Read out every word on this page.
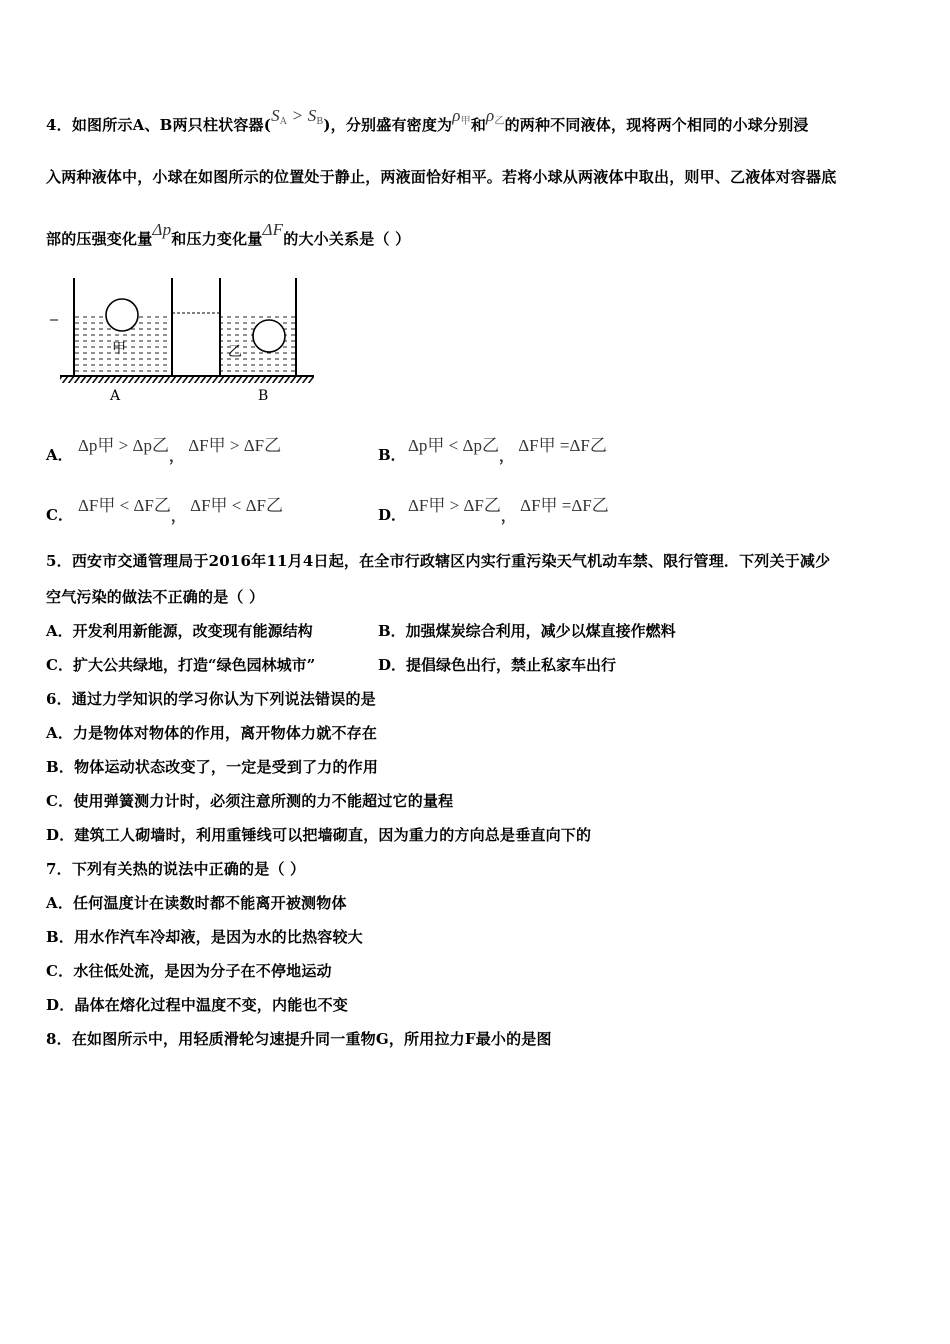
4．如图所示A、B两只柱状容器$(S_A > S_B)$，分别盛有密度为$\rho_甲$和$\rho_乙$的两种不同液体，现将两个相同的小球分别浸
入两种液体中，小球在如图所示的位置处于静止，两液面恰好相平。若将小球从两液体中取出，则甲、乙液体对容器底
部的压强变化量Δp和压力变化量ΔF的大小关系是（ ）
甲	乙
A	B
A． Δp甲 > Δp乙， ΔF甲 > ΔF乙	B． Δp甲 < Δp乙， ΔF甲 =ΔF乙
C． ΔF甲 < ΔF乙， ΔF甲 < ΔF乙	D． ΔF甲 > ΔF乙， ΔF甲 =ΔF乙
5．西安市交通管理局于2016年11月4日起，在全市行政辖区内实行重污染天气机动车禁、限行管理．下列关于减少
空气污染的做法不正确的是（ ）
A．开发利用新能源，改变现有能源结构	B．加强煤炭综合利用，减少以煤直接作燃料
C．扩大公共绿地，打造“绿色园林城市”	D．提倡绿色出行，禁止私家车出行
6．通过力学知识的学习你认为下列说法错误的是
A．力是物体对物体的作用，离开物体力就不存在
B．物体运动状态改变了，一定是受到了力的作用
C．使用弹簧测力计时，必须注意所测的力不能超过它的量程
D．建筑工人砌墙时，利用重锤线可以把墙砌直，因为重力的方向总是垂直向下的
7．下列有关热的说法中正确的是（ ）
A．任何温度计在读数时都不能离开被测物体
B．用水作汽车冷却液，是因为水的比热容较大
C．水往低处流，是因为分子在不停地运动
D．晶体在熔化过程中温度不变，内能也不变
8．在如图所示中，用轻质滑轮匀速提升同一重物G，所用拉力F最小的是图
